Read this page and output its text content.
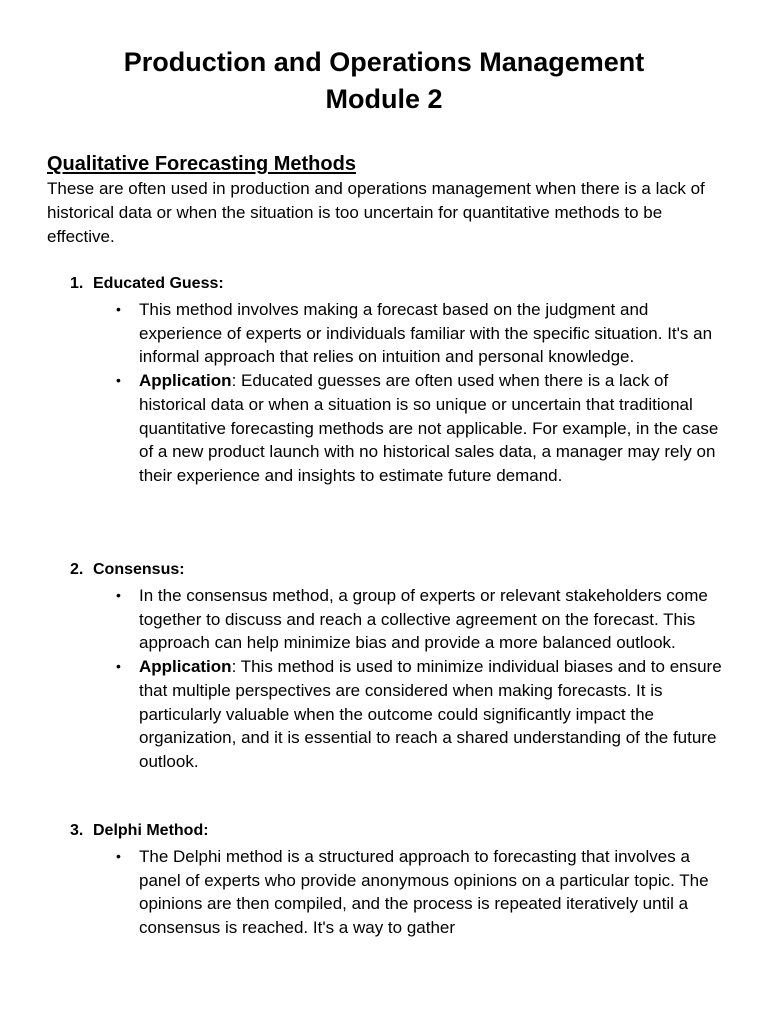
Production and Operations Management
Module 2
Qualitative Forecasting Methods

These are often used in production and operations management when there is a lack of historical data or when the situation is too uncertain for quantitative methods to be effective.

1. Educated Guess:
• This method involves making a forecast based on the judgment and experience of experts or individuals familiar with the specific situation. It's an informal approach that relies on intuition and personal knowledge.
• Application: Educated guesses are often used when there is a lack of historical data or when a situation is so unique or uncertain that traditional quantitative forecasting methods are not applicable. For example, in the case of a new product launch with no historical sales data, a manager may rely on their experience and insights to estimate future demand.
2. Consensus:
• In the consensus method, a group of experts or relevant stakeholders come together to discuss and reach a collective agreement on the forecast. This approach can help minimize bias and provide a more balanced outlook.
• Application: This method is used to minimize individual biases and to ensure that multiple perspectives are considered when making forecasts. It is particularly valuable when the outcome could significantly impact the organization, and it is essential to reach a shared understanding of the future outlook.
3. Delphi Method:
• The Delphi method is a structured approach to forecasting that involves a panel of experts who provide anonymous opinions on a particular topic. The opinions are then compiled, and the process is repeated iteratively until a consensus is reached. It's a way to gather
